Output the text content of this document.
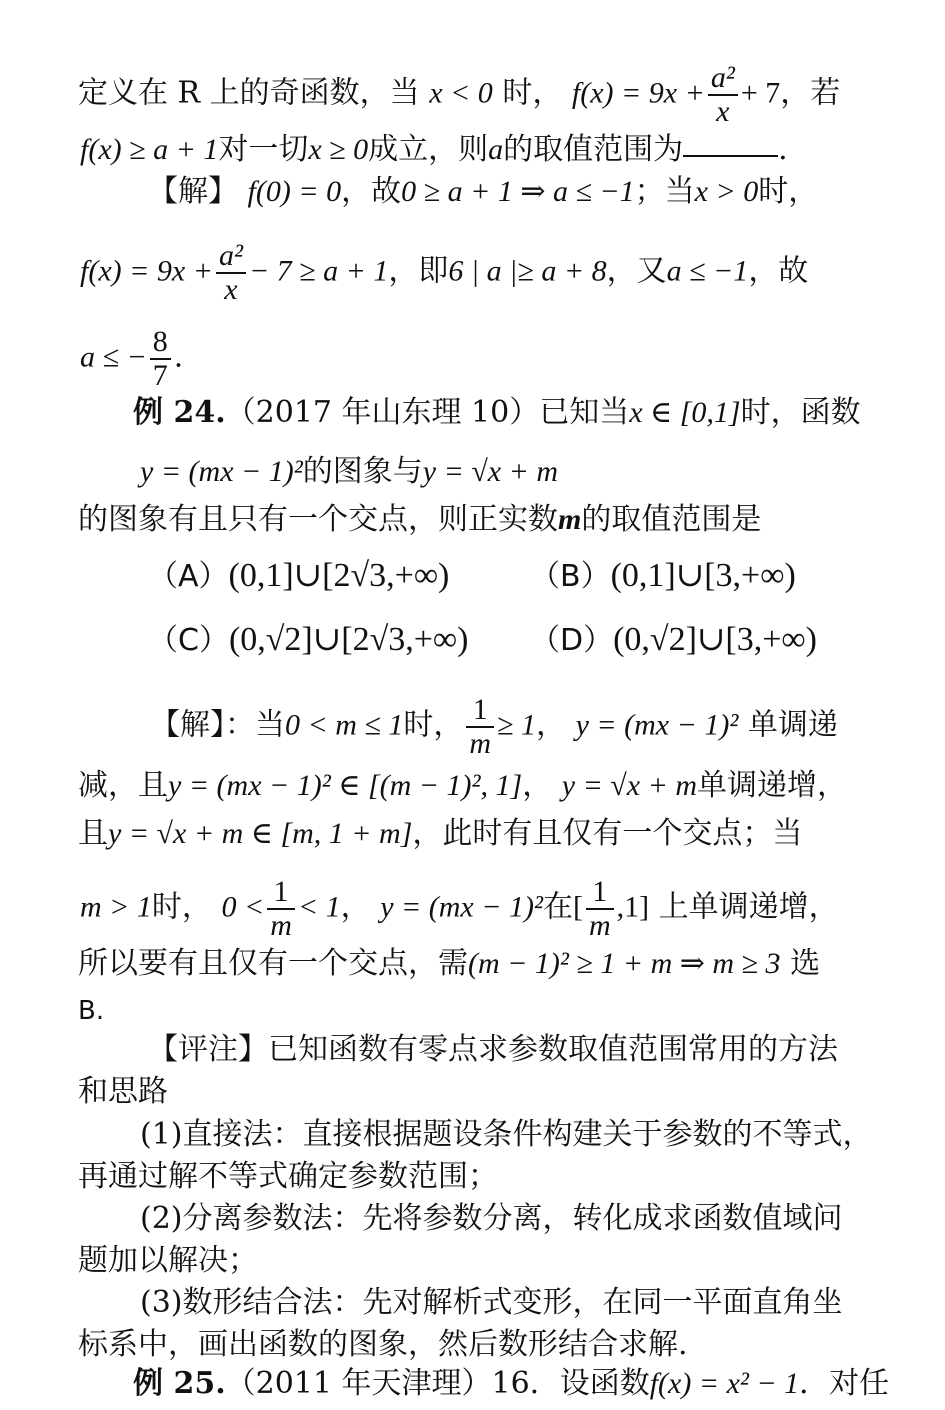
定义在 R 上的奇函数，当 x < 0 时， $f(x) = 9x + \frac{\text{a²}}{x} + 7$，若
f(x) ≥ a + 1对一切x ≥ 0成立，则a的取值范围为	.
【解】 f(0) = 0，故0 ≥ a + 1 ⇒ a ≤ −1；当x > 0时，
$f(x) = 9x + \frac{\text{a²}}{x} - 7 \ge a + 1$，即6 | a |≥ a + 8，又a ≤ −1，故
a ≤ − $\frac{8}{7}$ .
例 24.（2017 年山东理 10）已知当x ∈ [0,1]时，函数
y = (mx − 1)²的图象与y = √x + m
的图象有且只有一个交点，则正实数m的取值范围是
（A）(0,1]∪[2√3,+∞)	（B）(0,1]∪[3,+∞)
（C）(0,√2]∪[2√3,+∞) （D）(0,√2]∪[3,+∞)
【解】：当0 < m ≤ 1时， $\frac{1}{m} \ge 1$， y = (mx − 1)² 单调递
减，且y = (mx − 1)² ∈ [(m − 1)², 1]， y = √x + m单调递增，
且y = √x + m ∈ [m, 1 + m]，此时有且仅有一个交点；当
m > 1时， $0 < \frac{1}{m} < 1$， y = (mx − 1)²在[ $\frac{1}{m} ,1$] 上单调递增，
所以要有且仅有一个交点，需(m − 1)² ≥ 1 + m ⇒ m ≥ 3 选
B.
【评注】已知函数有零点求参数取值范围常用的方法
和思路
(1)直接法：直接根据题设条件构建关于参数的不等式，
再通过解不等式确定参数范围；
(2)分离参数法：先将参数分离，转化成求函数值域问
题加以解决；
(3)数形结合法：先对解析式变形，在同一平面直角坐
标系中，画出函数的图象，然后数形结合求解.
例 25.（2011 年天津理）16．设函数f(x) = x² − 1．对任
